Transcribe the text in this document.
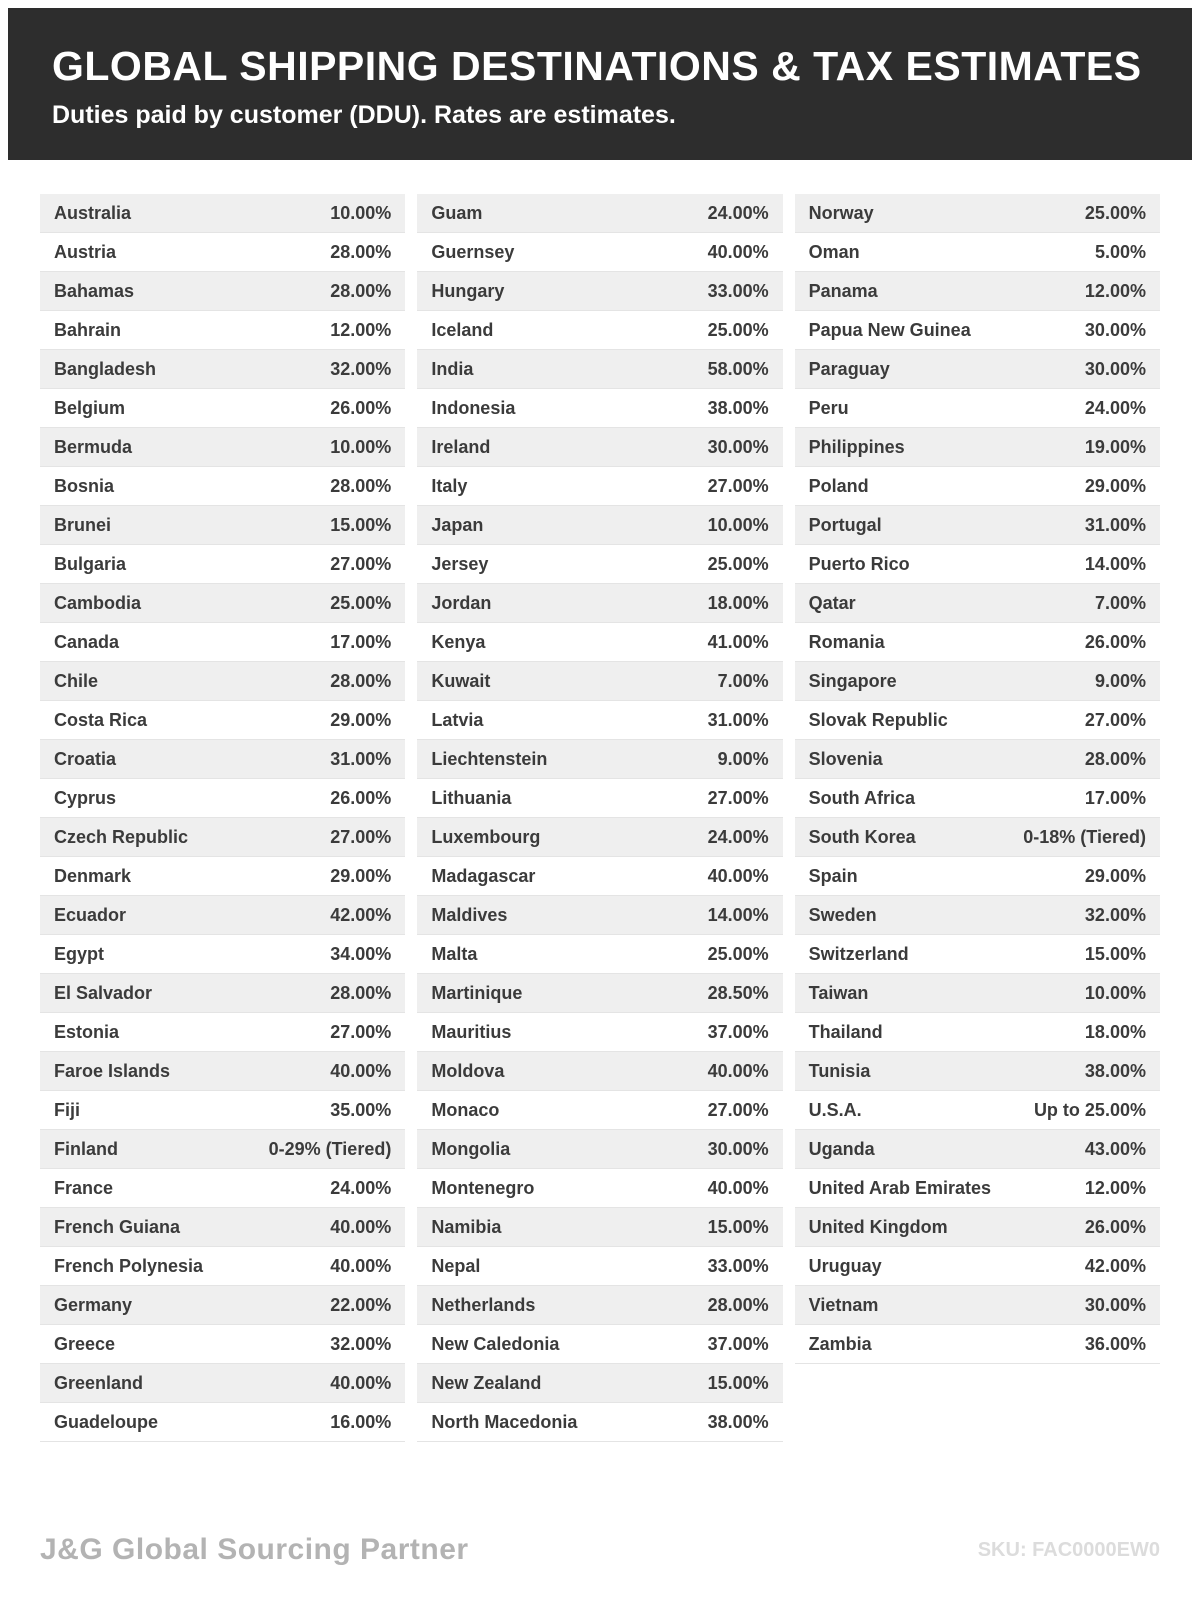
GLOBAL SHIPPING DESTINATIONS & TAX ESTIMATES
Duties paid by customer (DDU). Rates are estimates.
Australia	10.00%
Austria	28.00%
Bahamas	28.00%
Bahrain	12.00%
Bangladesh	32.00%
Belgium	26.00%
Bermuda	10.00%
Bosnia	28.00%
Brunei	15.00%
Bulgaria	27.00%
Cambodia	25.00%
Canada	17.00%
Chile	28.00%
Costa Rica	29.00%
Croatia	31.00%
Cyprus	26.00%
Czech Republic	27.00%
Denmark	29.00%
Ecuador	42.00%
Egypt	34.00%
El Salvador	28.00%
Estonia	27.00%
Faroe Islands	40.00%
Fiji	35.00%
Finland	0-29% (Tiered)
France	24.00%
French Guiana	40.00%
French Polynesia	40.00%
Germany	22.00%
Greece	32.00%
Greenland	40.00%
Guadeloupe	16.00%
Guam	24.00%
Guernsey	40.00%
Hungary	33.00%
Iceland	25.00%
India	58.00%
Indonesia	38.00%
Ireland	30.00%
Italy	27.00%
Japan	10.00%
Jersey	25.00%
Jordan	18.00%
Kenya	41.00%
Kuwait	7.00%
Latvia	31.00%
Liechtenstein	9.00%
Lithuania	27.00%
Luxembourg	24.00%
Madagascar	40.00%
Maldives	14.00%
Malta	25.00%
Martinique	28.50%
Mauritius	37.00%
Moldova	40.00%
Monaco	27.00%
Mongolia	30.00%
Montenegro	40.00%
Namibia	15.00%
Nepal	33.00%
Netherlands	28.00%
New Caledonia	37.00%
New Zealand	15.00%
North Macedonia	38.00%
Norway	25.00%
Oman	5.00%
Panama	12.00%
Papua New Guinea	30.00%
Paraguay	30.00%
Peru	24.00%
Philippines	19.00%
Poland	29.00%
Portugal	31.00%
Puerto Rico	14.00%
Qatar	7.00%
Romania	26.00%
Singapore	9.00%
Slovak Republic	27.00%
Slovenia	28.00%
South Africa	17.00%
South Korea	0-18% (Tiered)
Spain	29.00%
Sweden	32.00%
Switzerland	15.00%
Taiwan	10.00%
Thailand	18.00%
Tunisia	38.00%
U.S.A.	Up to 25.00%
Uganda	43.00%
United Arab Emirates	12.00%
United Kingdom	26.00%
Uruguay	42.00%
Vietnam	30.00%
Zambia	36.00%
J&G Global Sourcing Partner	SKU: FAC0000EW0
